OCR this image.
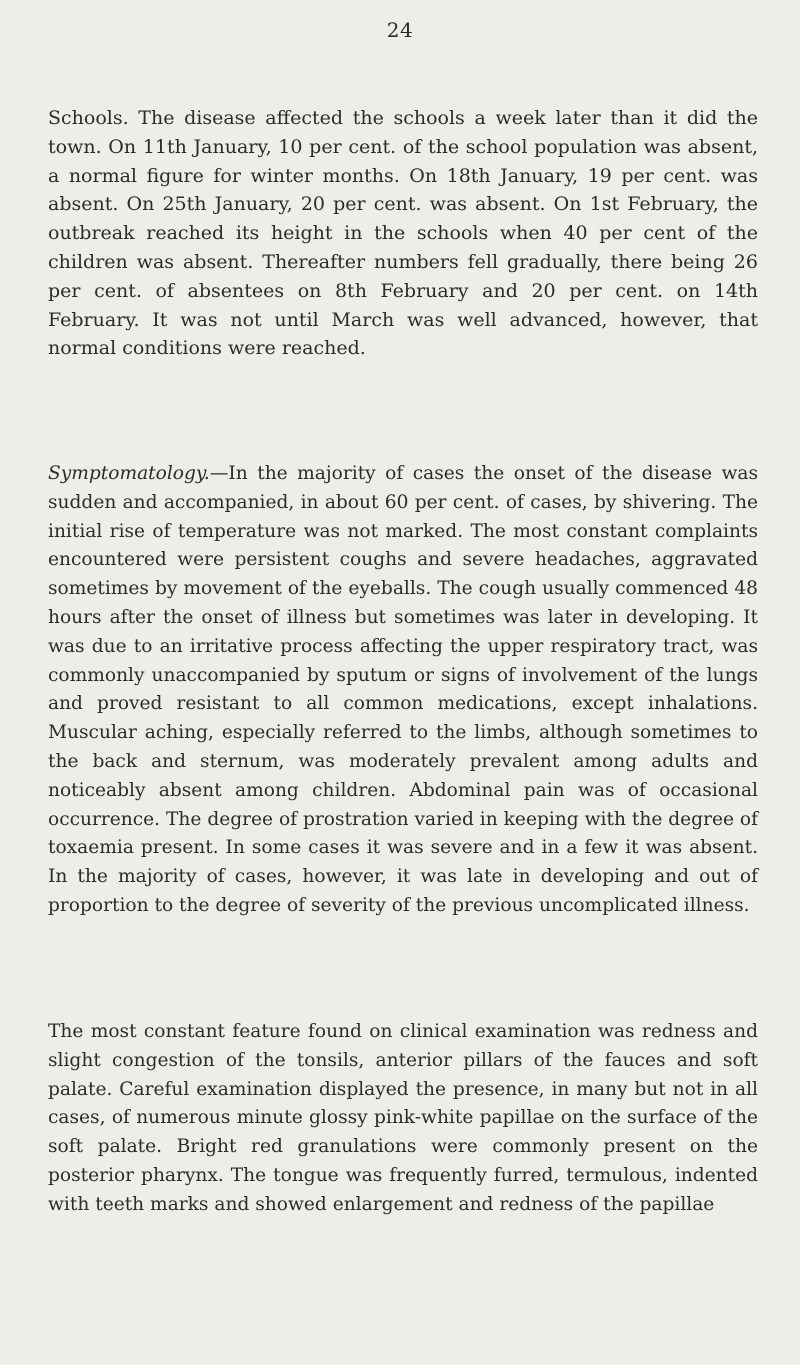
24

Schools. The disease affected the schools a week later than it did the town. On 11th January, 10 per cent. of the school population was absent, a normal figure for winter months. On 18th January, 19 per cent. was absent. On 25th January, 20 per cent. was absent. On 1st February, the outbreak reached its height in the schools when 40 per cent of the children was absent. Thereafter numbers fell gradually, there being 26 per cent. of absentees on 8th February and 20 per cent. on 14th February. It was not until March was well advanced, however, that normal conditions were reached.

Symptomatology.—In the majority of cases the onset of the disease was sudden and accompanied, in about 60 per cent. of cases, by shivering. The initial rise of temperature was not marked. The most constant complaints encountered were persistent coughs and severe headaches, aggravated sometimes by movement of the eyeballs. The cough usually commenced 48 hours after the onset of illness but sometimes was later in developing. It was due to an irritative process affecting the upper respiratory tract, was commonly unaccompanied by sputum or signs of involvement of the lungs and proved resistant to all common medications, except inhalations. Muscular aching, especially referred to the limbs, although sometimes to the back and sternum, was moderately prevalent among adults and noticeably absent among children. Abdominal pain was of occasional occurrence. The degree of prostration varied in keeping with the degree of toxaemia present. In some cases it was severe and in a few it was absent. In the majority of cases, however, it was late in developing and out of proportion to the degree of severity of the previous uncomplicated illness.

The most constant feature found on clinical examination was redness and slight congestion of the tonsils, anterior pillars of the fauces and soft palate. Careful examination displayed the presence, in many but not in all cases, of numerous minute glossy pink-white papillae on the surface of the soft palate. Bright red granulations were commonly present on the posterior pharynx. The tongue was frequently furred, termulous, indented with teeth marks and showed enlargement and redness of the papillae
